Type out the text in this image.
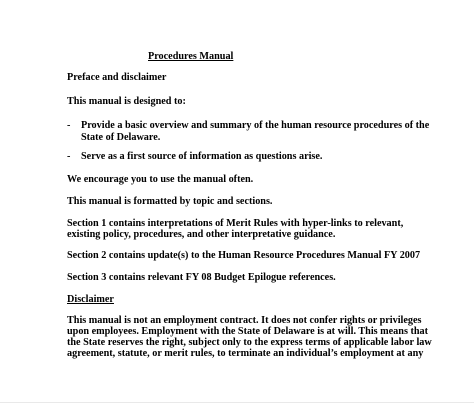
Procedures Manual
Preface and disclaimer
This manual is designed to:
- Provide a basic overview and summary of the human resource procedures of the
State of Delaware.
- Serve as a first source of information as questions arise.
We encourage you to use the manual often.
This manual is formatted by topic and sections.
Section 1 contains interpretations of Merit Rules with hyper-links to relevant,
existing policy, procedures, and other interpretative guidance.
Section 2 contains update(s) to the Human Resource Procedures Manual FY 2007
Section 3 contains relevant FY 08 Budget Epilogue references.
Disclaimer
This manual is not an employment contract. It does not confer rights or privileges
upon employees. Employment with the State of Delaware is at will. This means that
the State reserves the right, subject only to the express terms of applicable labor law
agreement, statute, or merit rules, to terminate an individual’s employment at any
